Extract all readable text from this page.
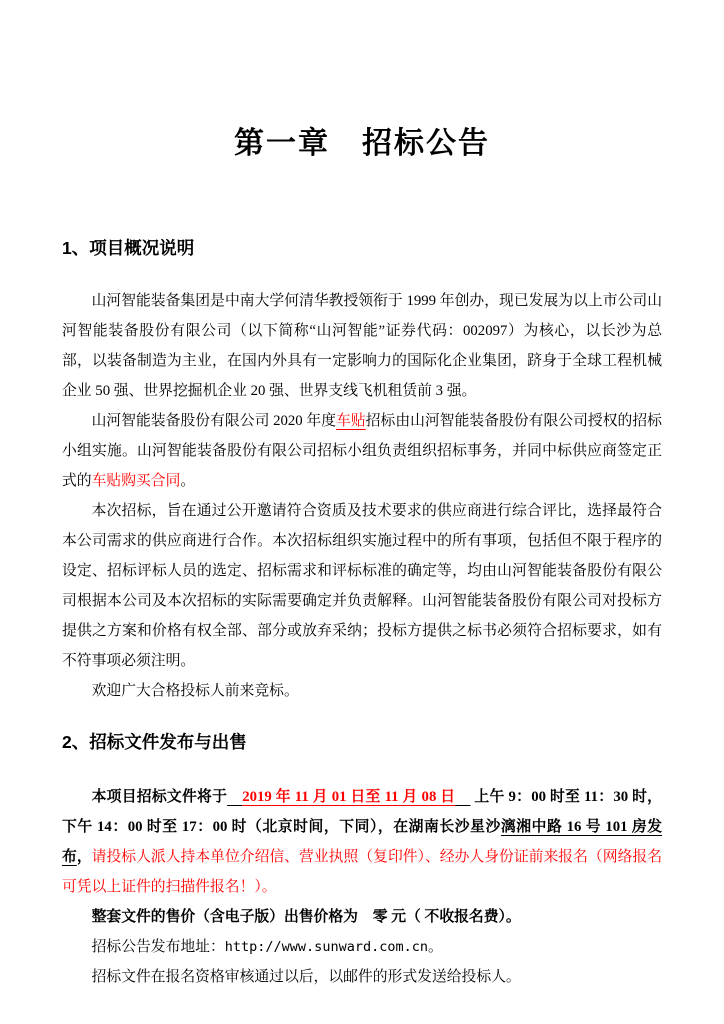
第一章　招标公告
1、项目概况说明

山河智能装备集团是中南大学何清华教授领衔于 1999 年创办，现已发展为以上市公司山河智能装备股份有限公司（以下简称“山河智能”证券代码：002097）为核心，以长沙为总部，以装备制造为主业，在国内外具有一定影响力的国际化企业集团，跻身于全球工程机械企业 50 强、世界挖掘机企业 20 强、世界支线飞机租赁前 3 强。

山河智能装备股份有限公司 2020 年度车贴招标由山河智能装备股份有限公司授权的招标小组实施。山河智能装备股份有限公司招标小组负责组织招标事务，并同中标供应商签定正式的车贴购买合同。

本次招标，旨在通过公开邀请符合资质及技术要求的供应商进行综合评比，选择最符合本公司需求的供应商进行合作。本次招标组织实施过程中的所有事项，包括但不限于程序的设定、招标评标人员的选定、招标需求和评标标准的确定等，均由山河智能装备股份有限公司根据本公司及本次招标的实际需要确定并负责解释。山河智能装备股份有限公司对投标方提供之方案和价格有权全部、部分或放弃采纳；投标方提供之标书必须符合招标要求，如有不符事项必须注明。

欢迎广大合格投标人前来竞标。

2、招标文件发布与出售

本项目招标文件将于　 2019 年 11 月 01 日至 11 月 08 日　 上午 9：00 时至 11：30 时，下午 14：00 时至 17：00 时（北京时间，下同），在湖南长沙星沙漓湘中路 16 号 101 房发布，请投标人派人持本单位介绍信、营业执照（复印件）、经办人身份证前来报名（网络报名可凭以上证件的扫描件报名！）。

整套文件的售价（含电子版）出售价格为　零 元（ 不收报名费）。

招标公告发布地址：http://www.sunward.com.cn。

招标文件在报名资格审核通过以后，以邮件的形式发送给投标人。
